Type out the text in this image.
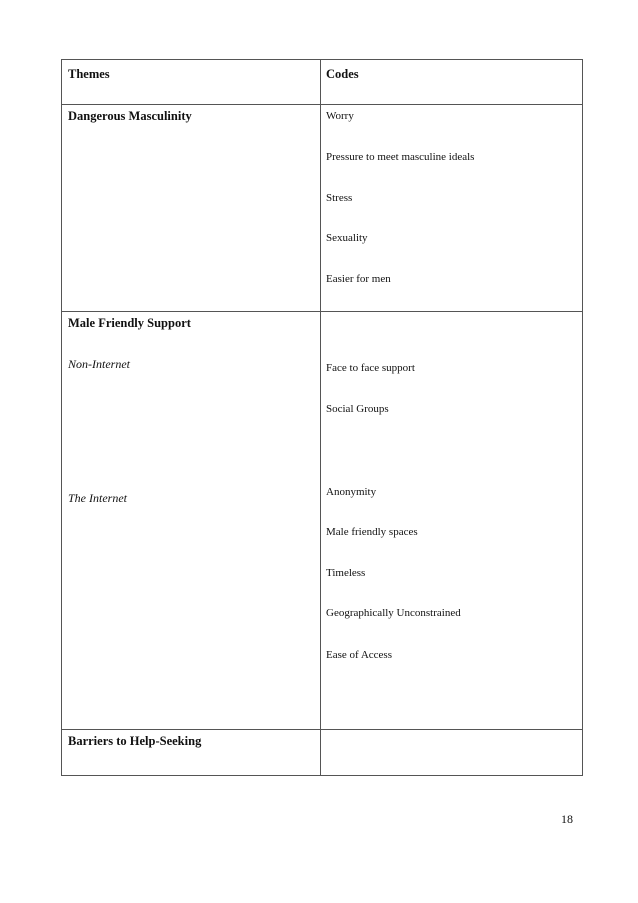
Themes	Codes
Dangerous Masculinity	Worry
Pressure to meet masculine ideals
Stress
Sexuality
Easier for men
Male Friendly Support
Non-Internet	Face to face support
Social Groups
The Internet	Anonymity
Male friendly spaces
Timeless
Geographically Unconstrained
Ease of Access
Barriers to Help-Seeking
18
